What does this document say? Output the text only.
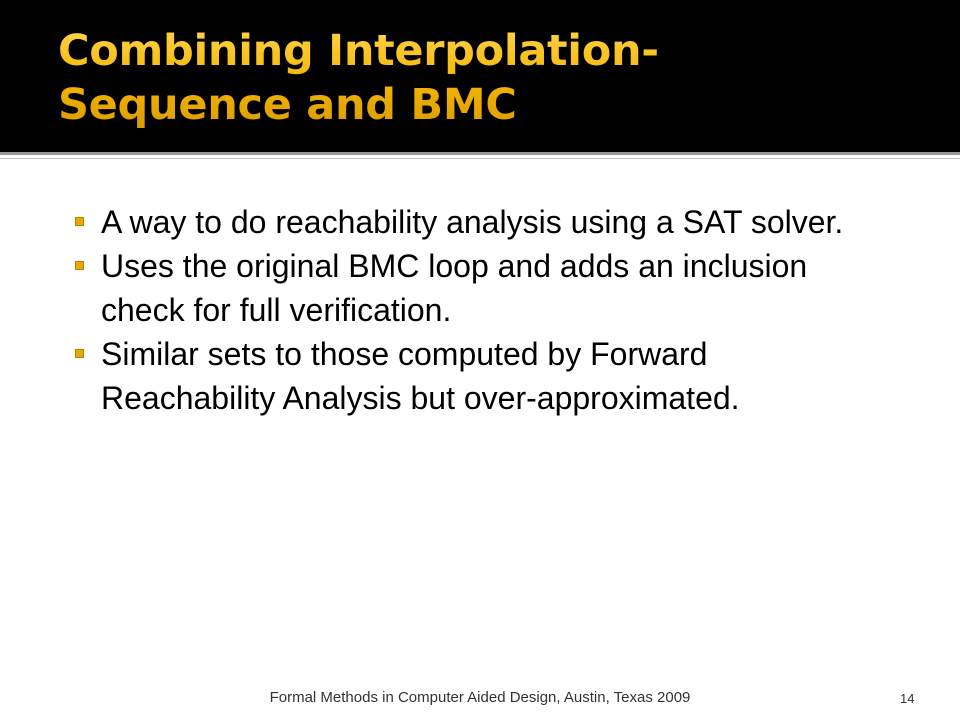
Combining Interpolation-
Sequence and BMC
A way to do reachability analysis using a SAT solver.
Uses the original BMC loop and adds an inclusion check for full verification.
Similar sets to those computed by Forward Reachability Analysis but over-approximated.
Formal Methods in Computer Aided Design, Austin, Texas 2009	14
